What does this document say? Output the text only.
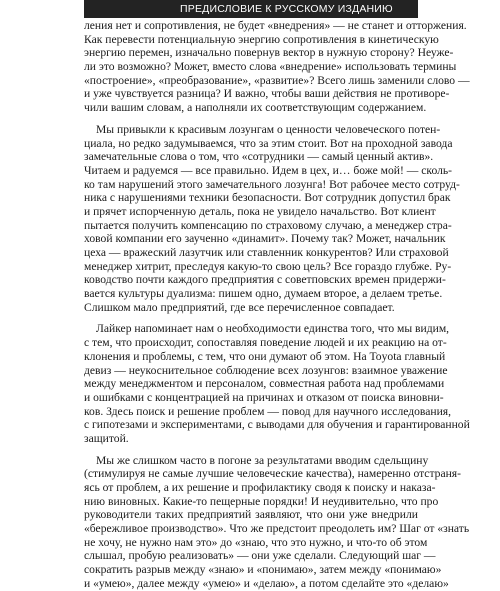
ПРЕДИСЛОВИЕ К РУССКОМУ ИЗДАНИЮ	9
ления нет и сопротивления, не будет «внедрения» — не станет и отторжения.
Как перевести потенциальную энергию сопротивления в кинетическую
энергию перемен, изначально повернув вектор в нужную сторону? Неуже-
ли это возможно? Может, вместо слова «внедрение» использовать термины
«построение», «преобразование», «развитие»? Всего лишь заменили слово —
и уже чувствуется разница? И важно, чтобы ваши действия не противоре-
чили вашим словам, а наполняли их соответствующим содержанием.
Мы привыкли к красивым лозунгам о ценности человеческого потен-
циала, но редко задумываемся, что за этим стоит. Вот на проходной завода
замечательные слова о том, что «сотрудники — самый ценный актив».
Читаем и радуемся — все правильно. Идем в цех, и… боже мой! — сколь-
ко там нарушений этого замечательного лозунга! Вот рабочее место сотруд-
ника с нарушениями техники безопасности. Вот сотрудник допустил брак
и прячет испорченную деталь, пока не увидело начальство. Вот клиент
пытается получить компенсацию по страховому случаю, а менеджер стра-
ховой компании его заученно «динамит». Почему так? Может, начальник
цеха — вражеский лазутчик или ставленник конкурентов? Или страховой
менеджер хитрит, преследуя какую-то свою цель? Все гораздо глубже. Ру-
ководство почти каждого предприятия с советповских времен придержи-
вается культуры дуализма: пишем одно, думаем второе, а делаем третье.
Слишком мало предприятий, где все перечисленное совпадает.
Лайкер напоминает нам о необходимости единства того, что мы видим,
с тем, что происходит, сопоставляя поведение людей и их реакцию на от-
клонения и проблемы, с тем, что они думают об этом. На Toyota главный
девиз — неукоснительное соблюдение всех лозунгов: взаимное уважение
между менеджментом и персоналом, совместная работа над проблемами
и ошибками с концентрацией на причинах и отказом от поиска виновни-
ков. Здесь поиск и решение проблем — повод для научного исследования,
с гипотезами и экспериментами, с выводами для обучения и гарантированной
защитой.
Мы же слишком часто в погоне за результатами вводим сдельщину
(стимулируя не самые лучшие человеческие качества), намеренно отстраня-
ясь от проблем, а их решение и профилактику сводя к поиску и наказа-
нию виновных. Какие-то пещерные порядки! И неудивительно, что про
руководители таких предприятий заявляют, что они уже внедрили
«бережливое производство». Что же предстоит преодолеть им? Шаг от «знать
не хочу, не нужно нам это» до «знаю, что это нужно, и что-то об этом
слышал, пробую реализовать» — они уже сделали. Следующий шаг —
сократить разрыв между «знаю» и «понимаю», затем между «понимаю»
и «умею», далее между «умею» и «делаю», а потом сделайте это «делаю»
